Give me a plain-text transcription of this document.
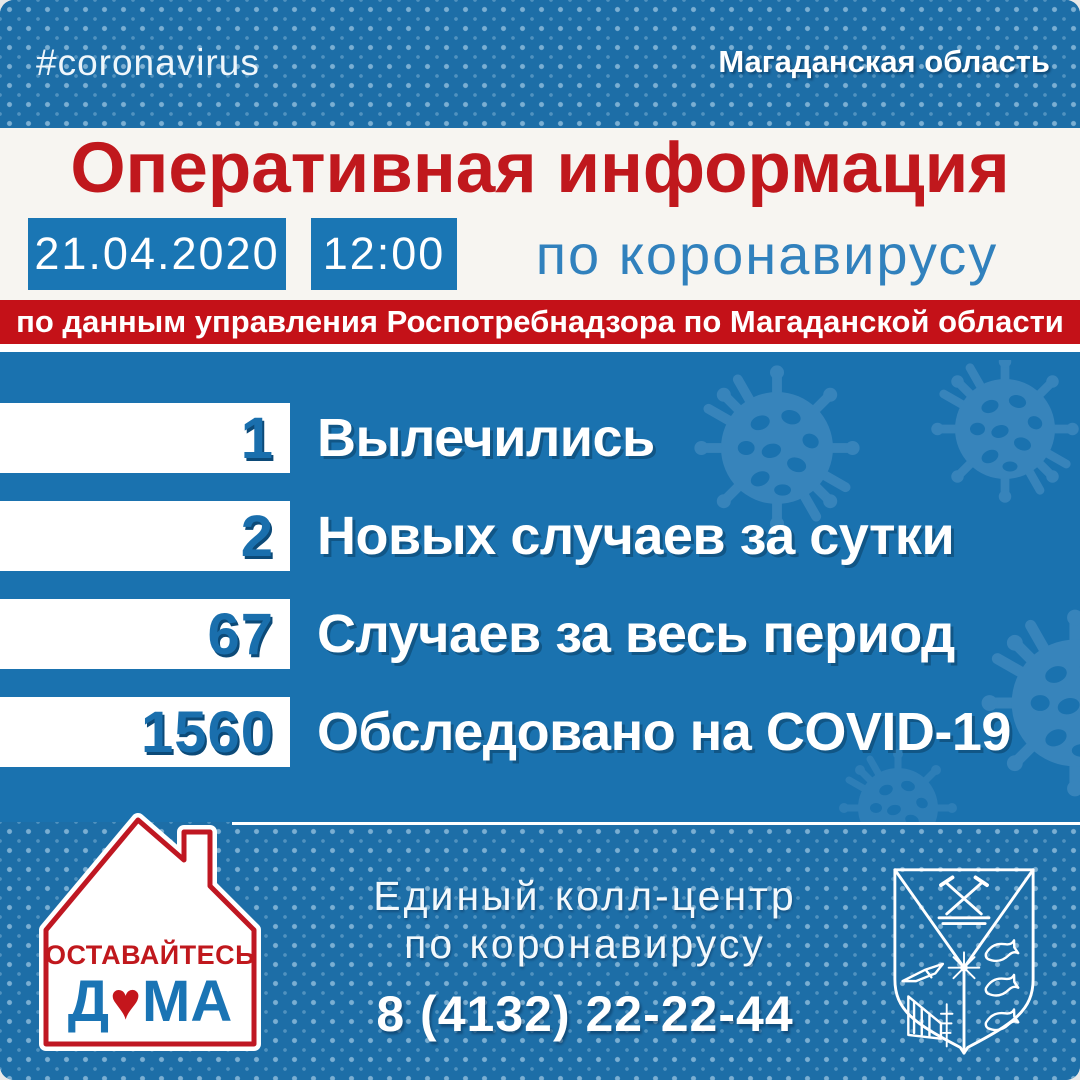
#coronavirus	Магаданская область
Оперативная информация
21.04.2020 12:00	по коронавирусу
по данным управления Роспотребнадзора по Магаданской области
1 Вылечились
2 Новых случаев за сутки
67 Случаев за весь период
1560 Обследовано на COVID-19
ОСТАВАЙТЕСЬ
Д ♥ МА
Единый колл-центр
по коронавирусу
8 (4132) 22-22-44
